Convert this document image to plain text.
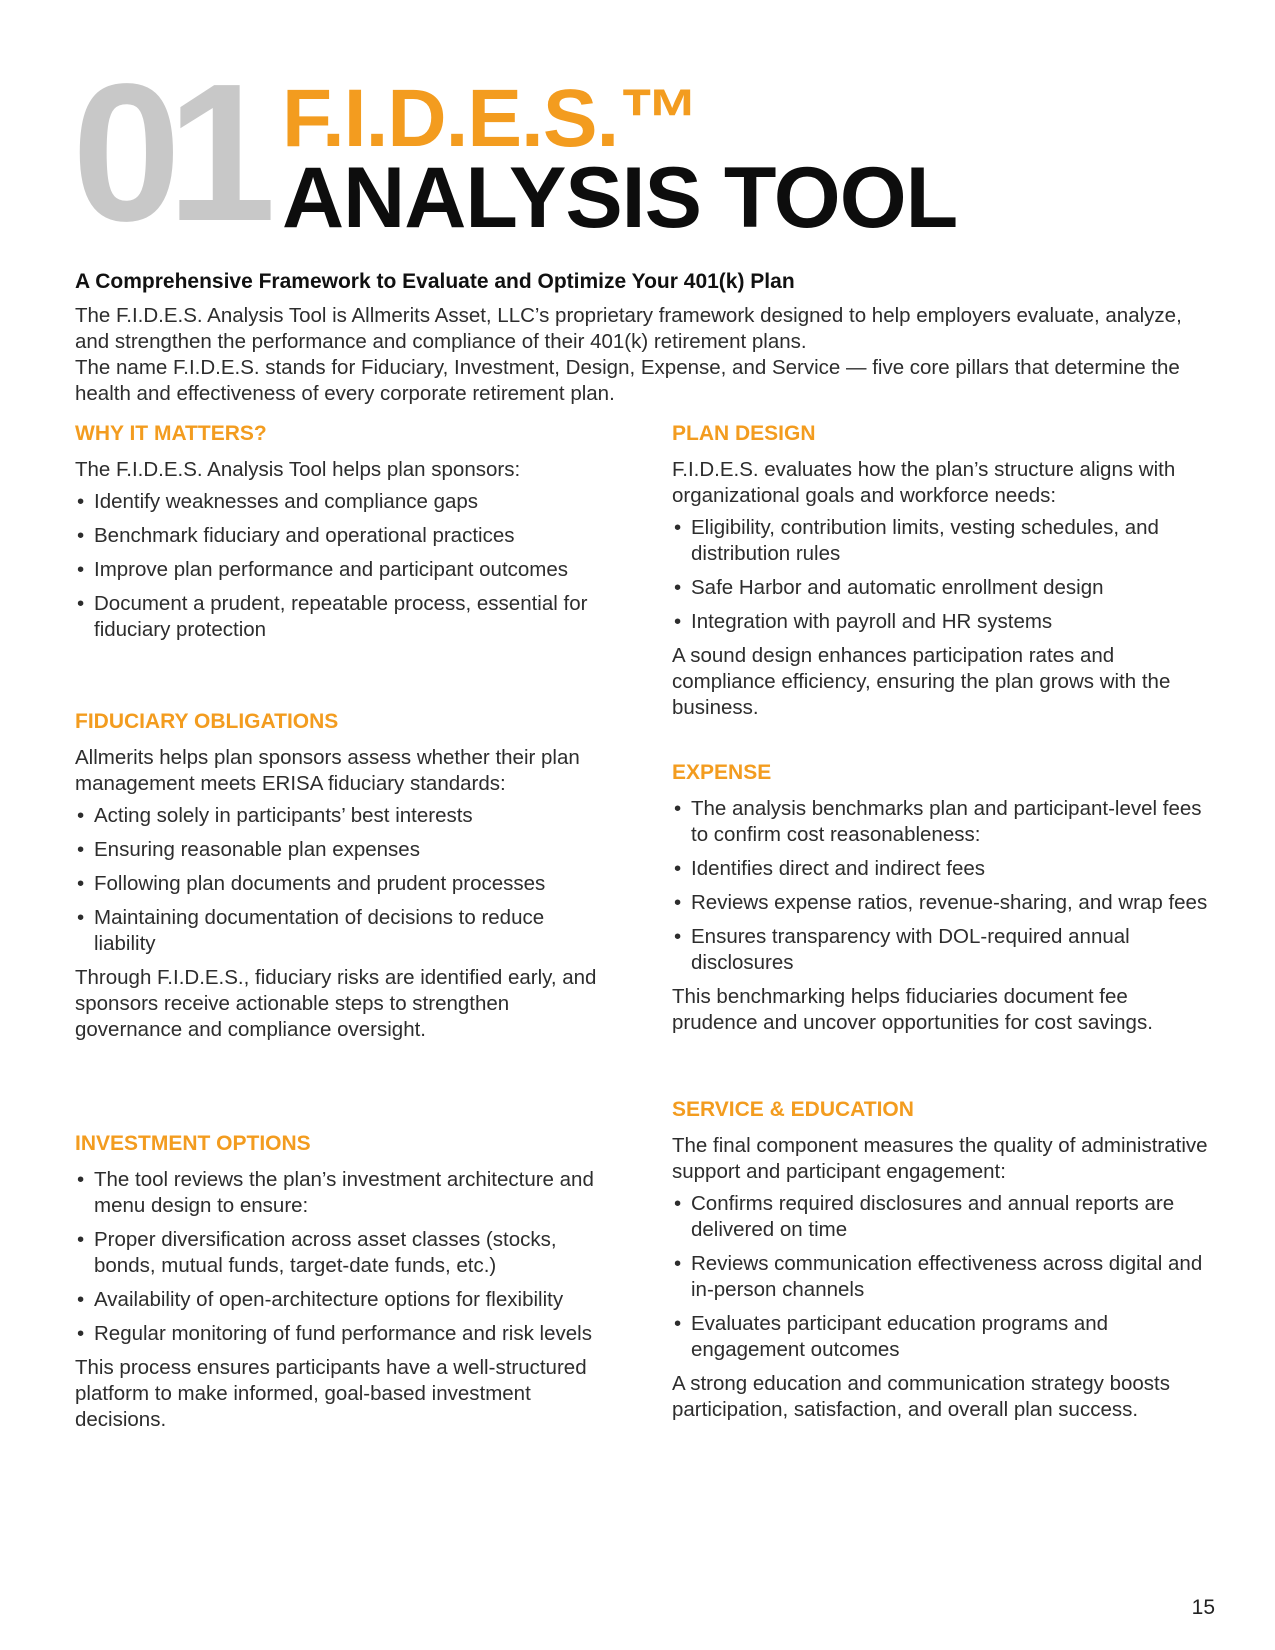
01 F.I.D.E.S.™
ANALYSIS TOOL
A Comprehensive Framework to Evaluate and Optimize Your 401(k) Plan

The F.I.D.E.S. Analysis Tool is Allmerits Asset, LLC’s proprietary framework designed to help employers evaluate, analyze, and strengthen the performance and compliance of their 401(k) retirement plans.

The name F.I.D.E.S. stands for Fiduciary, Investment, Design, Expense, and Service — five core pillars that determine the health and effectiveness of every corporate retirement plan.

WHY IT MATTERS?

The F.I.D.E.S. Analysis Tool helps plan sponsors:

• Identify weaknesses and compliance gaps
• Benchmark fiduciary and operational practices
• Improve plan performance and participant outcomes
• Document a prudent, repeatable process, essential for fiduciary protection
FIDUCIARY OBLIGATIONS

Allmerits helps plan sponsors assess whether their plan management meets ERISA fiduciary standards:

• Acting solely in participants’ best interests
• Ensuring reasonable plan expenses
• Following plan documents and prudent processes
• Maintaining documentation of decisions to reduce liability

Through F.I.D.E.S., fiduciary risks are identified early, and sponsors receive actionable steps to strengthen governance and compliance oversight.

INVESTMENT OPTIONS
• The tool reviews the plan’s investment architecture and menu design to ensure:
• Proper diversification across asset classes (stocks, bonds, mutual funds, target-date funds, etc.)
• Availability of open-architecture options for flexibility
• Regular monitoring of fund performance and risk levels

This process ensures participants have a well-structured platform to make informed, goal-based investment decisions.

PLAN DESIGN

F.I.D.E.S. evaluates how the plan’s structure aligns with organizational goals and workforce needs:

• Eligibility, contribution limits, vesting schedules, and distribution rules
• Safe Harbor and automatic enrollment design
• Integration with payroll and HR systems

A sound design enhances participation rates and compliance efficiency, ensuring the plan grows with the business.

EXPENSE
• The analysis benchmarks plan and participant-level fees to confirm cost reasonableness:
• Identifies direct and indirect fees
• Reviews expense ratios, revenue-sharing, and wrap fees
• Ensures transparency with DOL-required annual disclosures

This benchmarking helps fiduciaries document fee prudence and uncover opportunities for cost savings.

SERVICE & EDUCATION

The final component measures the quality of administrative support and participant engagement:

• Confirms required disclosures and annual reports are delivered on time
• Reviews communication effectiveness across digital and in-person channels
• Evaluates participant education programs and engagement outcomes

A strong education and communication strategy boosts participation, satisfaction, and overall plan success.

15
